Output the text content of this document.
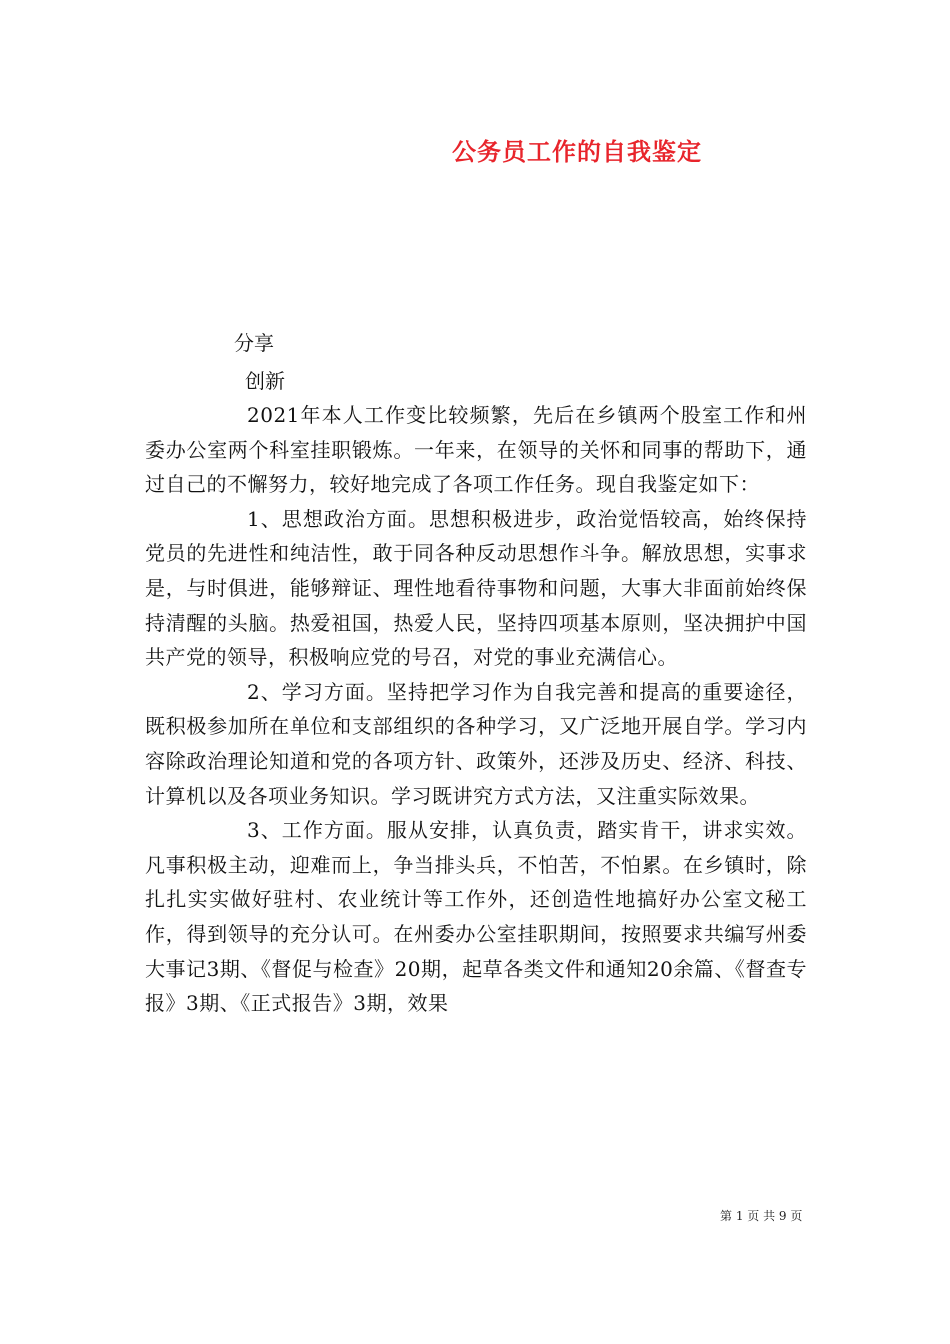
公务员工作的自我鉴定
分享
创新

2021年本人工作变比较频繁，先后在乡镇两个股室工作和州委办公室两个科室挂职锻炼。一年来，在领导的关怀和同事的帮助下，通过自己的不懈努力，较好地完成了各项工作任务。现自我鉴定如下：

1、思想政治方面。思想积极进步，政治觉悟较高，始终保持党员的先进性和纯洁性，敢于同各种反动思想作斗争。解放思想，实事求是，与时俱进，能够辩证、理性地看待事物和问题，大事大非面前始终保持清醒的头脑。热爱祖国，热爱人民，坚持四项基本原则，坚决拥护中国共产党的领导，积极响应党的号召，对党的事业充满信心。

2、学习方面。坚持把学习作为自我完善和提高的重要途径，既积极参加所在单位和支部组织的各种学习，又广泛地开展自学。学习内容除政治理论知道和党的各项方针、政策外，还涉及历史、经济、科技、计算机以及各项业务知识。学习既讲究方式方法，又注重实际效果。

3、工作方面。服从安排，认真负责，踏实肯干，讲求实效。凡事积极主动，迎难而上，争当排头兵，不怕苦，不怕累。在乡镇时，除扎扎实实做好驻村、农业统计等工作外，还创造性地搞好办公室文秘工作，得到领导的充分认可。在州委办公室挂职期间，按照要求共编写州委大事记3期、《督促与检查》20期，起草各类文件和通知20余篇、《督查专报》3期、《正式报告》3期，效果

第 1 页 共 9 页
